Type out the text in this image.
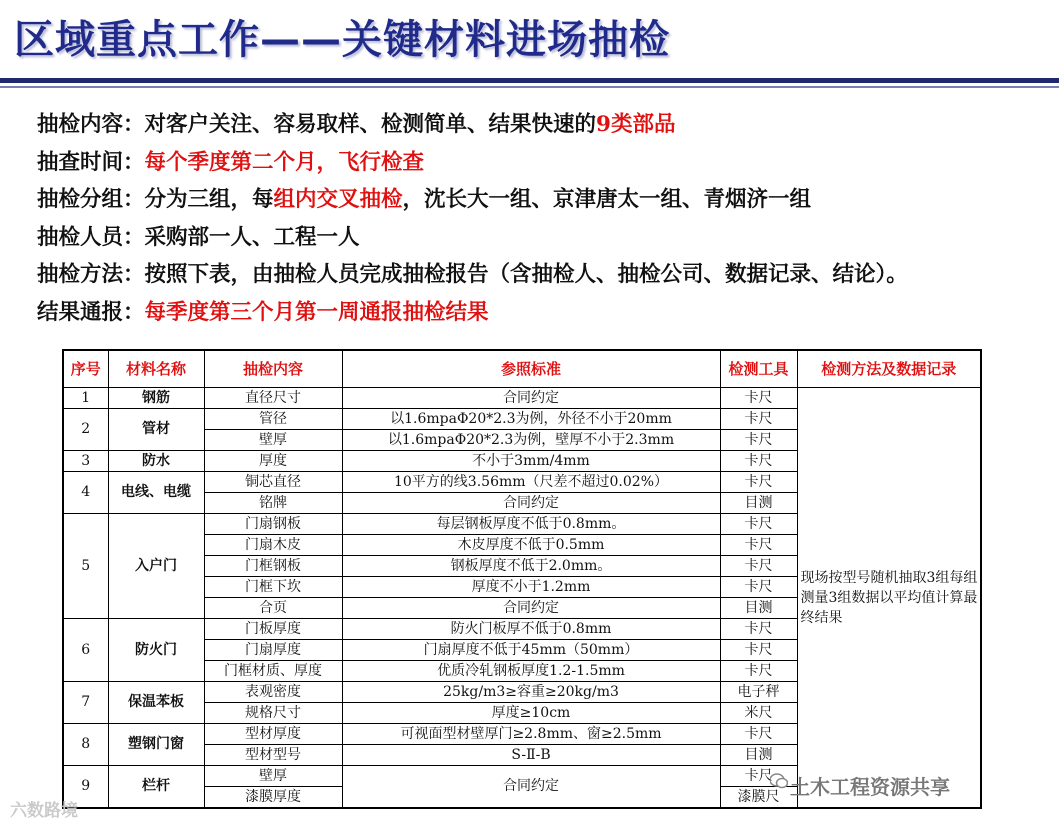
区域重点工作——关键材料进场抽检
抽检内容：对客户关注、容易取样、检测简单、结果快速的9类部品
抽查时间：每个季度第二个月，飞行检查
抽检分组：分为三组，每组内交叉抽检，沈长大一组、京津唐太一组、青烟济一组
抽检人员：采购部一人、工程一人
抽检方法：按照下表，由抽检人员完成抽检报告（含抽检人、抽检公司、数据记录、结论）。
结果通报：每季度第三个月第一周通报抽检结果
序号	材料名称	抽检内容	参照标准	检测工具	检测方法及数据记录
1	钢筋	直径尺寸	合同约定	卡尺	现场按型号随机抽取3组每组测量3组数据以平均值计算最终结果
2	管材	管径	以1.6mpaΦ20*2.3为例，外径不小于20mm	卡尺	
		壁厚	以1.6mpaΦ20*2.3为例，壁厚不小于2.3mm	卡尺	
3	防水	厚度	不小于3mm/4mm	卡尺	
4	电线、电缆	铜芯直径	10平方的线3.56mm（尺差不超过0.02%）	卡尺	
		铭牌	合同约定	目测	
5	入户门	门扇钢板	每层钢板厚度不低于0.8mm。	卡尺	
		门扇木皮	木皮厚度不低于0.5mm	卡尺	
		门框钢板	钢板厚度不低于2.0mm。	卡尺	
		门框下坎	厚度不小于1.2mm	卡尺	
		合页	合同约定	目测	
6	防火门	门板厚度	防火门板厚不低于0.8mm	卡尺	
		门扇厚度	门扇厚度不低于45mm（50mm）	卡尺	
		门框材质、厚度	优质冷轧钢板厚度1.2-1.5mm	卡尺	
7	保温苯板	表观密度	25kg/m3≥容重≥20kg/m3	电子秤	
		规格尺寸	厚度≥10cm	米尺	
8	塑钢门窗	型材厚度	可视面型材壁厚门≥2.8mm、窗≥2.5mm	卡尺	
		型材型号	S-Ⅱ-B	目测	
9	栏杆	壁厚	合同约定	卡尺	
		漆膜厚度		漆膜尺	土木工程资源共享
六数路境
